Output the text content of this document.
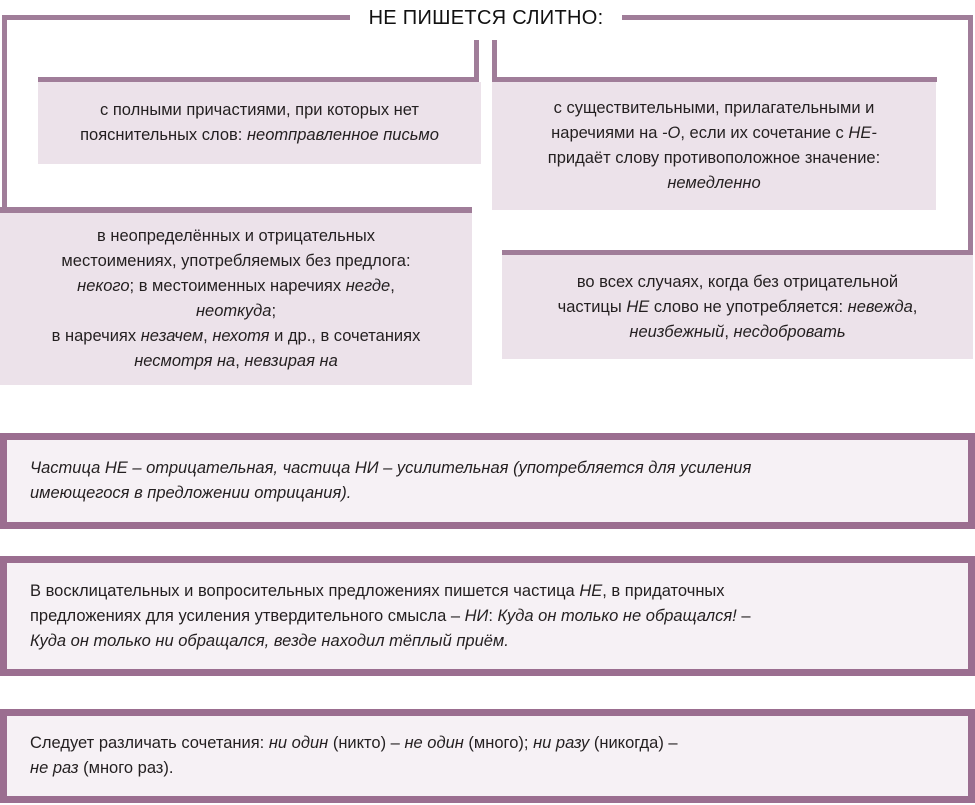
НЕ ПИШЕТСЯ СЛИТНО:
с полными причастиями, при которых нет
пояснительных слов: неотправленное письмо
с существительными, прилагательными и
наречиями на -О, если их сочетание с НЕ-
придаёт слову противоположное значение:
немедленно
в неопределённых и отрицательных
местоимениях, употребляемых без предлога:
некого; в местоименных наречиях негде,
неоткуда;
в наречиях незачем, нехотя и др., в сочетаниях
несмотря на, невзирая на
во всех случаях, когда без отрицательной
частицы НЕ слово не употребляется: невежда,
неизбежный, несдобровать
Частица НЕ – отрицательная, частица НИ – усилительная (употребляется для усиления
имеющегося в предложении отрицания).
В восклицательных и вопросительных предложениях пишется частица НЕ, в придаточных
предложениях для усиления утвердительного смысла – НИ: Куда он только не обращался! –
Куда он только ни обращался, везде находил тёплый приём.
Следует различать сочетания: ни один (никто) – не один (много); ни разу (никогда) –
не раз (много раз).
